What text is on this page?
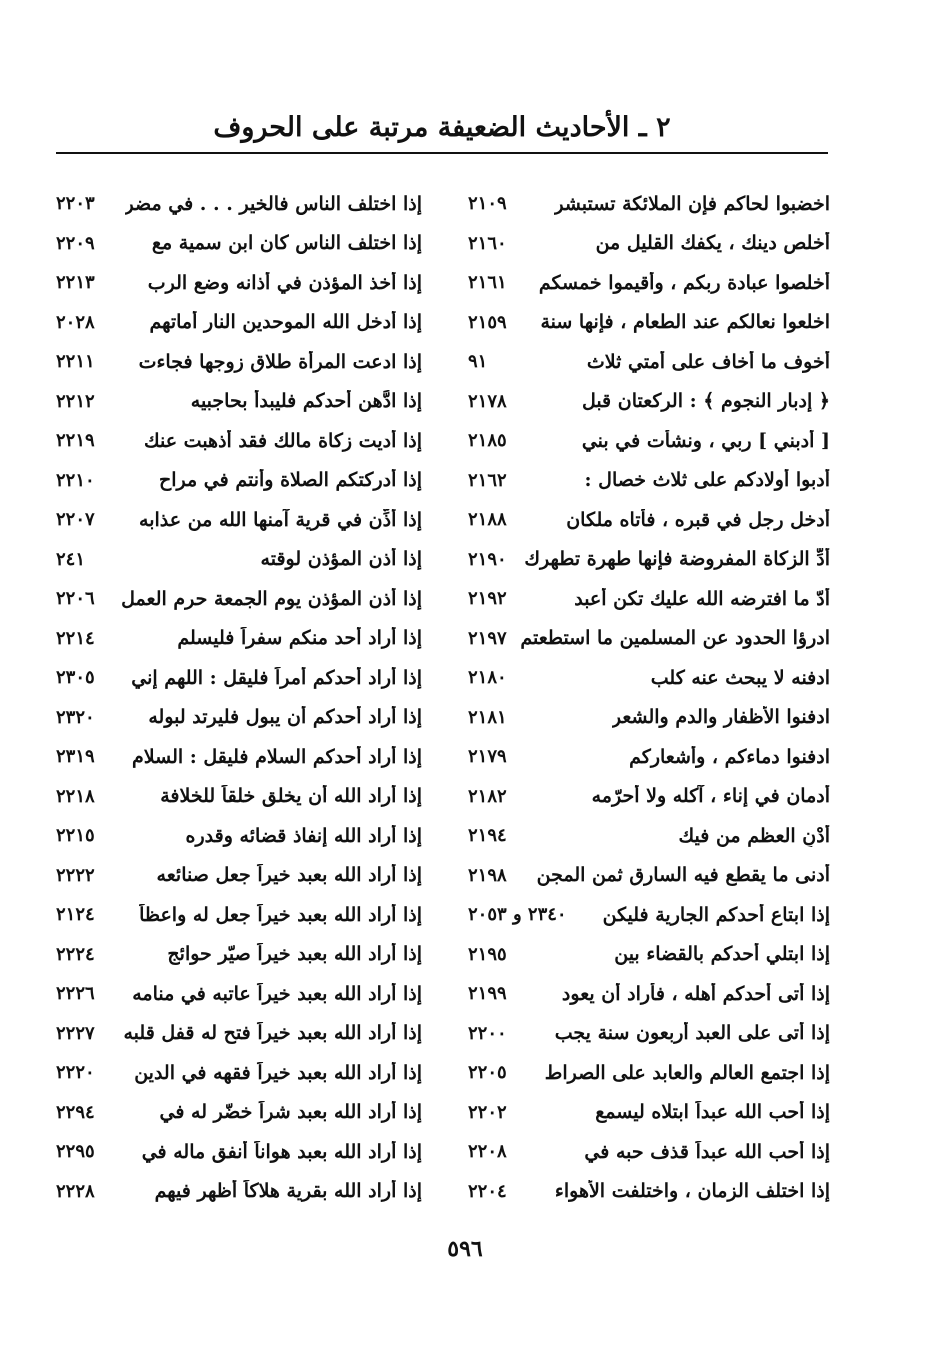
٢ ـ الأحاديث الضعيفة مرتبة على الحروف
اخضبوا لحاكم فإن الملائكة تستبشر
٢١٠٩
أخلص دينك ، يكفك القليل من
٢١٦٠
أخلصوا عبادة ربكم ، وأقيموا خمسكم
٢١٦١
اخلعوا نعالكم عند الطعام ، فإنها سنة
٢١٥٩
أخوف ما أخاف على أمتي ثلاث
٩١
﴿ إدبار النجوم ﴾ : الركعتان قبل
٢١٧٨
[ أدبني ] ربي ، ونشأت في بني
٢١٨٥
أدبوا أولادكم على ثلاث خصال :
٢١٦٢
أُدخل رجل في قبره ، فأتاه ملكان
٢١٨٨
أدِّ الزكاة المفروضة فإنها طهرة تطهرك
٢١٩٠
أدّ ما افترضه الله عليك تكن أعبد
٢١٩٢
ادرؤا الحدود عن المسلمين ما استطعتم
٢١٩٧
ادفنه لا يبحث عنه كلب
٢١٨٠
ادفنوا الأظفار والدم والشعر
٢١٨١
ادفنوا دماءكم ، وأشعاركم
٢١٧٩
أدمان في إناء ، آكله ولا أحرّمه
٢١٨٢
أدْنِ العظم من فيك
٢١٩٤
أدنى ما يقطع فيه السارق ثمن المجن
٢١٩٨
إذا ابتاع أحدكم الجارية فليكن
٢٣٤٠ و ٢٠٥٣
إذا ابتلي أحدكم بالقضاء بين
٢١٩٥
إذا أتى أحدكم أهله ، فأراد أن يعود
٢١٩٩
إذا أتى على العبد أربعون سنة يجب
٢٢٠٠
إذا اجتمع العالم والعابد على الصراط
٢٢٠٥
إذا أحب الله عبداً ابتلاه ليسمع
٢٢٠٢
إذا أحب الله عبداً قذف حبه في
٢٢٠٨
إذا اختلف الزمان ، واختلفت الأهواء
٢٢٠٤
إذا اختلف الناس فالخير . . . في مضر
٢٢٠٣
إذا اختلف الناس كان ابن سمية مع
٢٢٠٩
إذا أخذ المؤذن في أذانه وضع الرب
٢٢١٣
إذا أدخل الله الموحدين النار أماتهم
٢٠٢٨
إذا ادعت المرأة طلاق زوجها فجاءت
٢٢١١
إذا ادَّهن أحدكم فليبدأ بحاجبيه
٢٢١٢
إذا أديت زكاة مالك فقد أذهبت عنك
٢٢١٩
إذا أدركتكم الصلاة وأنتم في مراح
٢٢١٠
إذا أُذِّن في قرية آمنها الله من عذابه
٢٢٠٧
إذا أذن المؤذن لوقته
٢٤١
إذا أذن المؤذن يوم الجمعة حرم العمل
٢٢٠٦
إذا أراد أحد منكم سفراً فليسلم
٢٢١٤
إذا أراد أحدكم أمراً فليقل : اللهم إني
٢٣٠٥
إذا أراد أحدكم أن يبول فليرتد لبوله
٢٣٢٠
إذا أراد أحدكم السلام فليقل : السلام
٢٣١٩
إذا أراد الله أن يخلق خلقاً للخلافة
٢٢١٨
إذا أراد الله إنفاذ قضائه وقدره
٢٢١٥
إذا أراد الله بعبد خيراً جعل صنائعه
٢٢٢٢
إذا أراد الله بعبد خيراً جعل له واعظاً
٢١٢٤
إذا أراد الله بعبد خيراً صيّر حوائج
٢٢٢٤
إذا أراد الله بعبد خيراً عاتبه في منامه
٢٢٢٦
إذا أراد الله بعبد خيراً فتح له قفل قلبه
٢٢٢٧
إذا أراد الله بعبد خيراً فقهه في الدين
٢٢٢٠
إذا أراد الله بعبد شراً خضّر له في
٢٢٩٤
إذا أراد الله بعبد هواناً أنفق ماله في
٢٢٩٥
إذا أراد الله بقرية هلاكاً أظهر فيهم
٢٢٢٨
٥٩٦
